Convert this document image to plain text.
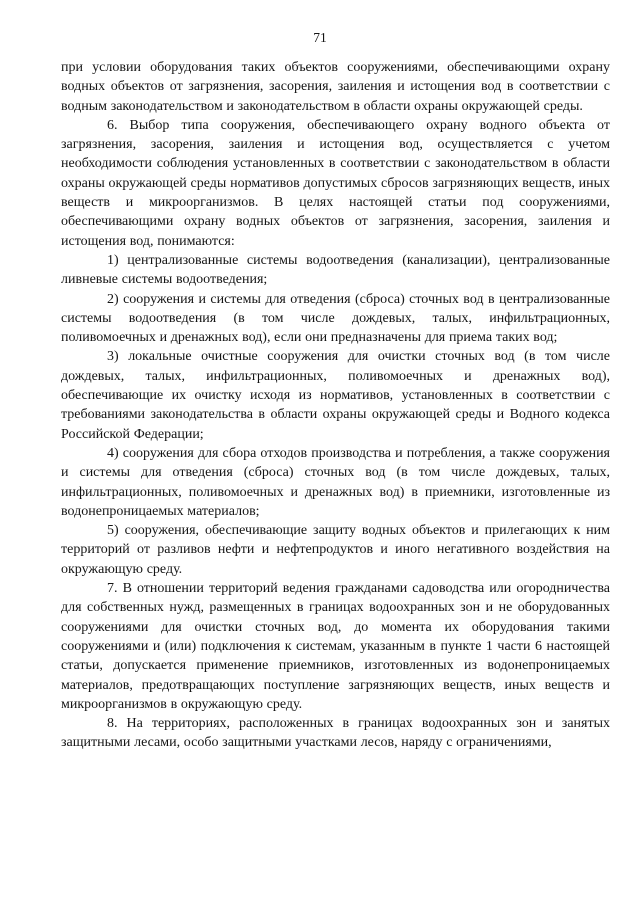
71

при условии оборудования таких объектов сооружениями, обеспечивающими охрану водных объектов от загрязнения, засорения, заиления и истощения вод в соответствии с водным законодательством и законодательством в области охраны окружающей среды.

6. Выбор типа сооружения, обеспечивающего охрану водного объекта от загрязнения, засорения, заиления и истощения вод, осуществляется с учетом необходимости соблюдения установленных в соответствии с законодательством в области охраны окружающей среды нормативов допустимых сбросов загрязняющих веществ, иных веществ и микроорганизмов. В целях настоящей статьи под сооружениями, обеспечивающими охрану водных объектов от загрязнения, засорения, заиления и истощения вод, понимаются:

1) централизованные системы водоотведения (канализации), централизованные ливневые системы водоотведения;

2) сооружения и системы для отведения (сброса) сточных вод в централизованные системы водоотведения (в том числе дождевых, талых, инфильтрационных, поливомоечных и дренажных вод), если они предназначены для приема таких вод;

3) локальные очистные сооружения для очистки сточных вод (в том числе дождевых, талых, инфильтрационных, поливомоечных и дренажных вод), обеспечивающие их очистку исходя из нормативов, установленных в соответствии с требованиями законодательства в области охраны окружающей среды и Водного кодекса Российской Федерации;

4) сооружения для сбора отходов производства и потребления, а также сооружения и системы для отведения (сброса) сточных вод (в том числе дождевых, талых, инфильтрационных, поливомоечных и дренажных вод) в приемники, изготовленные из водонепроницаемых материалов;

5) сооружения, обеспечивающие защиту водных объектов и прилегающих к ним территорий от разливов нефти и нефтепродуктов и иного негативного воздействия на окружающую среду.

7. В отношении территорий ведения гражданами садоводства или огородничества для собственных нужд, размещенных в границах водоохранных зон и не оборудованных сооружениями для очистки сточных вод, до момента их оборудования такими сооружениями и (или) подключения к системам, указанным в пункте 1 части 6 настоящей статьи, допускается применение приемников, изготовленных из водонепроницаемых материалов, предотвращающих поступление загрязняющих веществ, иных веществ и микроорганизмов в окружающую среду.

8. На территориях, расположенных в границах водоохранных зон и занятых защитными лесами, особо защитными участками лесов, наряду с ограничениями,
